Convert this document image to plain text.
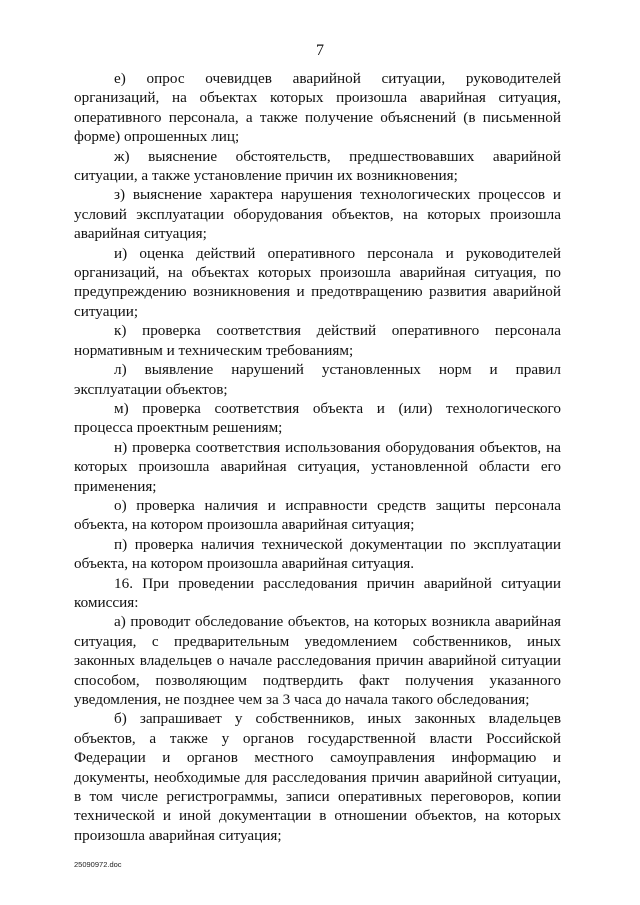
7

е) опрос очевидцев аварийной ситуации, руководителей организаций, на объектах которых произошла аварийная ситуация, оперативного персонала, а также получение объяснений (в письменной форме) опрошенных лиц;

ж) выяснение обстоятельств, предшествовавших аварийной ситуации, а также установление причин их возникновения;

з) выяснение характера нарушения технологических процессов и условий эксплуатации оборудования объектов, на которых произошла аварийная ситуация;

и) оценка действий оперативного персонала и руководителей организаций, на объектах которых произошла аварийная ситуация, по предупреждению возникновения и предотвращению развития аварийной ситуации;

к) проверка соответствия действий оперативного персонала нормативным и техническим требованиям;

л) выявление нарушений установленных норм и правил эксплуатации объектов;

м) проверка соответствия объекта и (или) технологического процесса проектным решениям;

н) проверка соответствия использования оборудования объектов, на которых произошла аварийная ситуация, установленной области его применения;

о) проверка наличия и исправности средств защиты персонала объекта, на котором произошла аварийная ситуация;

п) проверка наличия технической документации по эксплуатации объекта, на котором произошла аварийная ситуация.

16. При проведении расследования причин аварийной ситуации комиссия:

а) проводит обследование объектов, на которых возникла аварийная ситуация, с предварительным уведомлением собственников, иных законных владельцев о начале расследования причин аварийной ситуации способом, позволяющим подтвердить факт получения указанного уведомления, не позднее чем за 3 часа до начала такого обследования;

б) запрашивает у собственников, иных законных владельцев объектов, а также у органов государственной власти Российской Федерации и органов местного самоуправления информацию и документы, необходимые для расследования причин аварийной ситуации, в том числе регистрограммы, записи оперативных переговоров, копии технической и иной документации в отношении объектов, на которых произошла аварийная ситуация;

25090972.doc
